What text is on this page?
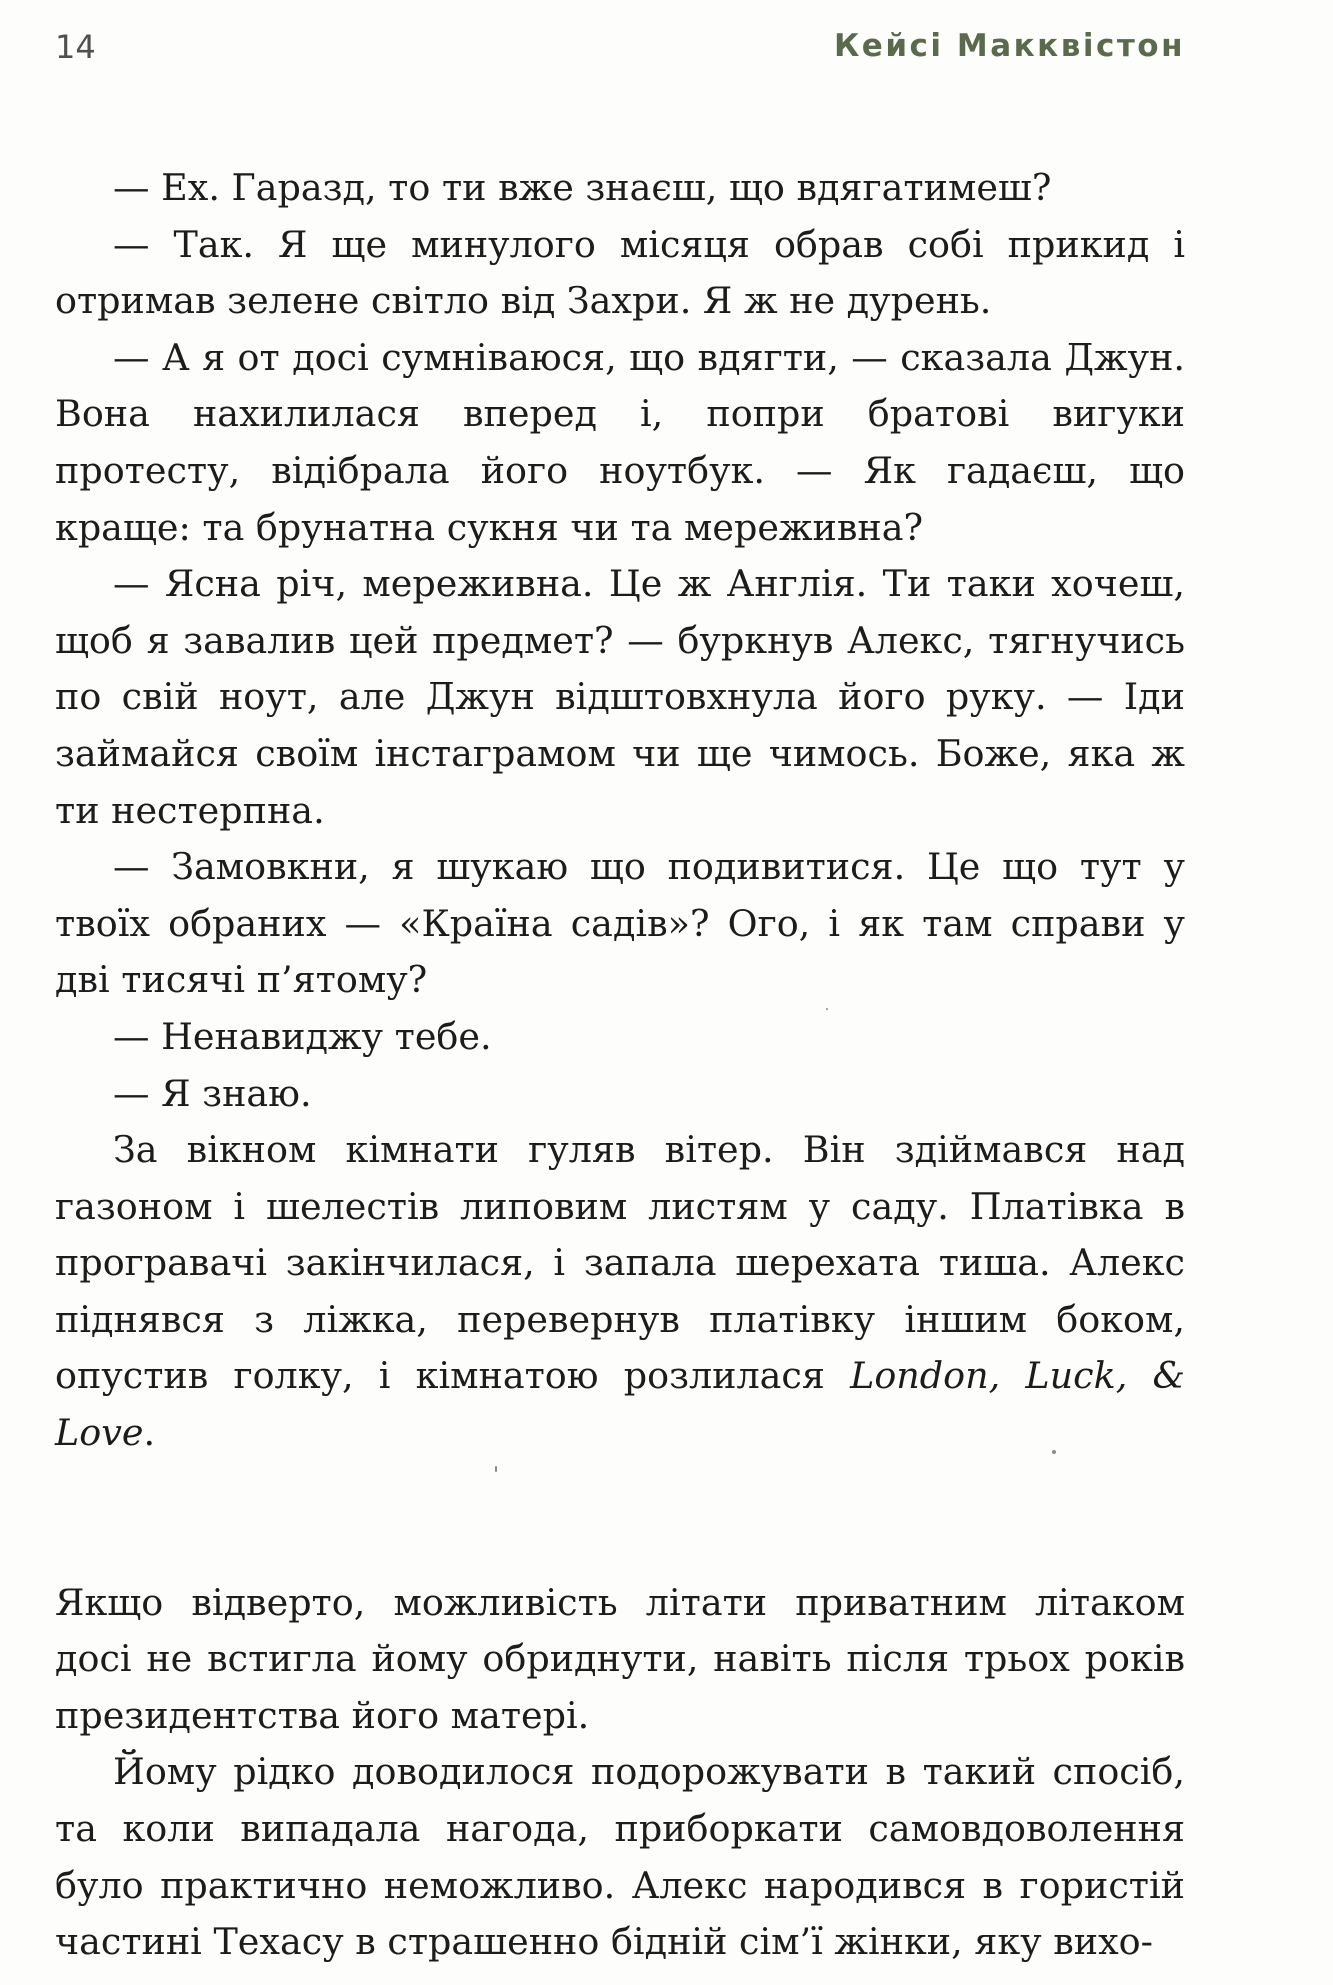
14	Кейсі Макквістон

— Ех. Гаразд, то ти вже знаєш, що вдягатимеш?

— Так. Я ще минулого місяця обрав собі прикид і отримав зелене світло від Захри. Я ж не дурень.

— А я от досі сумніваюся, що вдягти, — сказала Джун. Вона нахилилася вперед і, попри братові вигуки протесту, відібрала його ноутбук. — Як гадаєш, що краще: та брунатна сукня чи та мереживна?

— Ясна річ, мереживна. Це ж Англія. Ти таки хочеш, щоб я завалив цей предмет? — буркнув Алекс, тягнучись по свій ноут, але Джун відштовхнула його руку. — Іди займайся своїм інстаграмом чи ще чимось. Боже, яка ж ти нестерпна.

— Замовкни, я шукаю що подивитися. Це що тут у твоїх обраних — «Країна садів»? Ого, і як там справи у дві тисячі п’ятому?

— Ненавиджу тебе.

— Я знаю.

За вікном кімнати гуляв вітер. Він здіймався над газоном і шелестів липовим листям у саду. Платівка в програвачі закінчилася, і запала шерехата тиша. Алекс піднявся з ліжка, перевернув платівку іншим боком, опустив голку, і кімнатою розлилася London, Luck, & Love.

Якщо відверто, можливість літати приватним літаком досі не встигла йому обриднути, навіть після трьох років президентства його матері.

Йому рідко доводилося подорожувати в такий спосіб, та коли випадала нагода, приборкати самовдоволення було практично неможливо. Алекс народився в гористій частині Техасу в страшенно бідній сім’ї жінки, яку вихо-
